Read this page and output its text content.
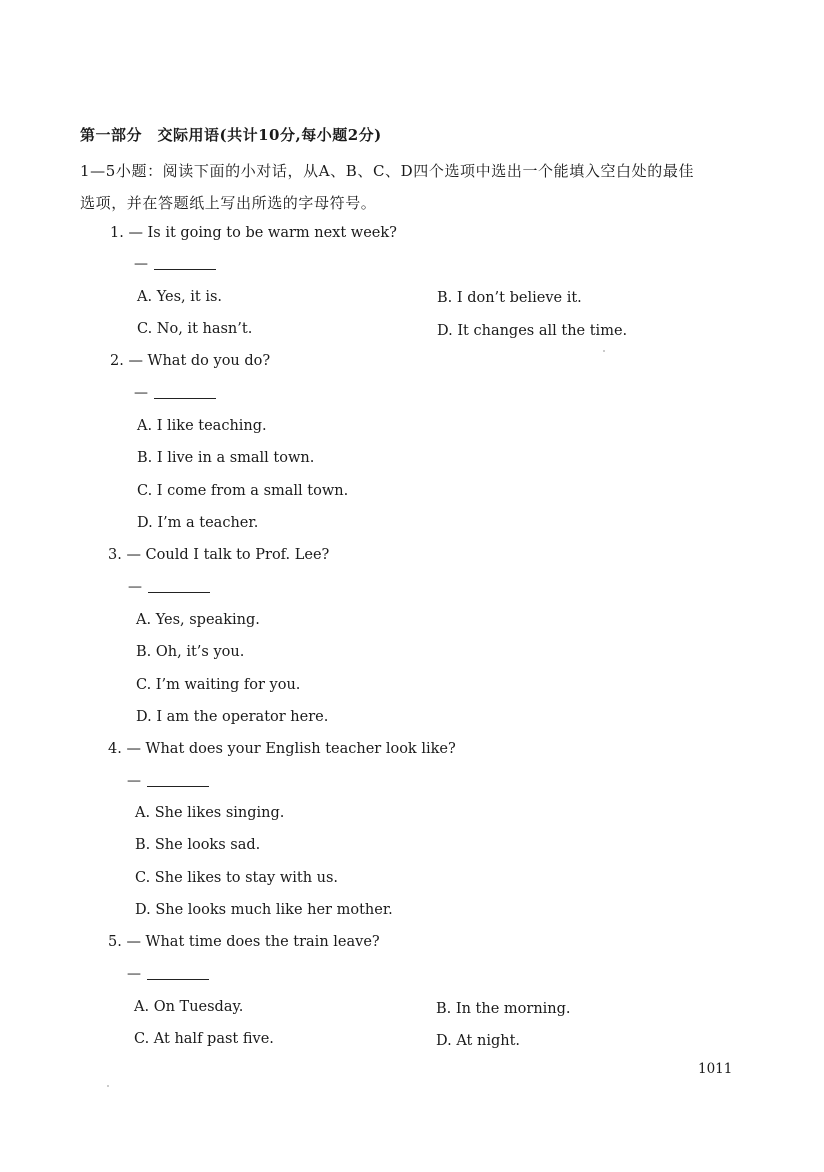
第一部分　交际用语(共计10分,每小题2分)
1—5小题：阅读下面的小对话，从A、B、C、D四个选项中选出一个能填入空白处的最佳
选项，并在答题纸上写出所选的字母符号。
1. — Is it going to be warm next week?
—
A. Yes, it is.	B. I don’t believe it.
C. No, it hasn’t.	D. It changes all the time.
2. — What do you do?
—
A. I like teaching.
B. I live in a small town.
C. I come from a small town.
D. I’m a teacher.
3. — Could I talk to Prof. Lee?
—
A. Yes, speaking.
B. Oh, it’s you.
C. I’m waiting for you.
D. I am the operator here.
4. — What does your English teacher look like?
—
A. She likes singing.
B. She looks sad.
C. She likes to stay with us.
D. She looks much like her mother.
5. — What time does the train leave?
—
A. On Tuesday.	B. In the morning.
C. At half past five.	D. At night.
1011
